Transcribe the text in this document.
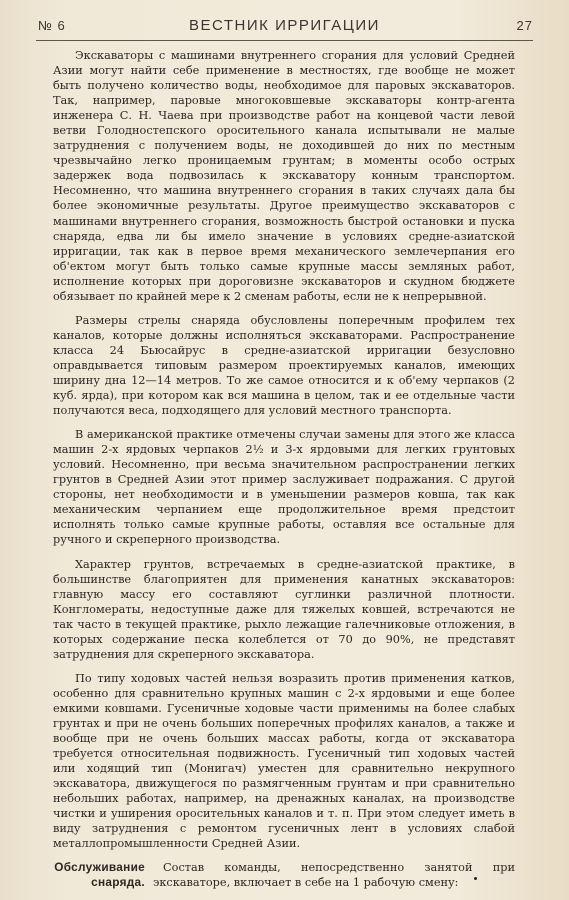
№ 6	ВЕСТНИК ИРРИГАЦИИ	27

Экскаваторы с машинами внутреннего сгорания для условий Средней Азии могут найти себе применение в местностях, где вообще не может быть получено количество воды, необходимое для паровых экскаваторов. Так, например, паровые многоковшевые экскаваторы контр-агента инженера С. Н. Чаева при производстве работ на концевой части левой ветви Голодностепского оросительного канала испытывали не малые затруднения с получением воды, не доходившей до них по местным чрезвычайно легко проницаемым грунтам; в моменты особо острых задержек вода подвозилась к экскаватору конным транспортом. Несомненно, что машина внутреннего сгорания в таких случаях дала бы более экономичные результаты. Другое преимущество экскаваторов с машинами внутреннего сгорания, возможность быстрой остановки и пуска снаряда, едва ли бы имело значение в условиях средне-азиатской ирригации, так как в первое время механического землечерпания его об'ектом могут быть только самые крупные массы земляных работ, исполнение которых при дороговизне экскаваторов и скудном бюджете обязывает по крайней мере к 2 сменам работы, если не к непрерывной.

Размеры стрелы снаряда обусловлены поперечным профилем тех каналов, которые должны исполняться экскаваторами. Распространение класса 24 Бьюсайрус в средне-азиатской ирригации безусловно оправдывается типовым размером проектируемых каналов, имеющих ширину дна 12—14 метров. То же самое относится и к об'ему черпаков (2 куб. ярда), при котором как вся машина в целом, так и ее отдельные части получаются веса, подходящего для условий местного транспорта.

В американской практике отмечены случаи замены для этого же класса машин 2-х ярдовых черпаков 2½ и 3-х ярдовыми для легких грунтовых условий. Несомненно, при весьма значительном распространении легких грунтов в Средней Азии этот пример заслуживает подражания. С другой стороны, нет необходимости и в уменьшении размеров ковша, так как механическим черпанием еще продолжительное время предстоит исполнять только самые крупные работы, оставляя все остальные для ручного и скреперного производства.

Характер грунтов, встречаемых в средне-азиатской практике, в большинстве благоприятен для применения канатных экскаваторов: главную массу его составляют суглинки различной плотности. Конгломераты, недоступные даже для тяжелых ковшей, встречаются не так часто в текущей практике, рыхло лежащие галечниковые отложения, в которых содержание песка колеблется от 70 до 90%, не представят затруднения для скреперного экскаватора.

По типу ходовых частей нельзя возразить против применения катков, особенно для сравнительно крупных машин с 2-х ярдовыми и еще более емкими ковшами. Гусеничные ходовые части применимы на более слабых грунтах и при не очень больших поперечных профилях каналов, а также и вообще при не очень больших массах работы, когда от экскаватора требуется относительная подвижность. Гусеничный тип ходовых частей или ходящий тип (Монигач) уместен для сравнительно некрупного экскаватора, движущегося по размягченным грунтам и при сравнительно небольших работах, например, на дренажных каналах, на производстве чистки и уширения оросительных каналов и т. п. При этом следует иметь в виду затруднения с ремонтом гусеничных лент в условиях слабой металлопромышленности Средней Азии.

Обслуживание снаряда.
Состав команды, непосредственно занятой при экскаваторе, включает в себе на 1 рабочую смену:
